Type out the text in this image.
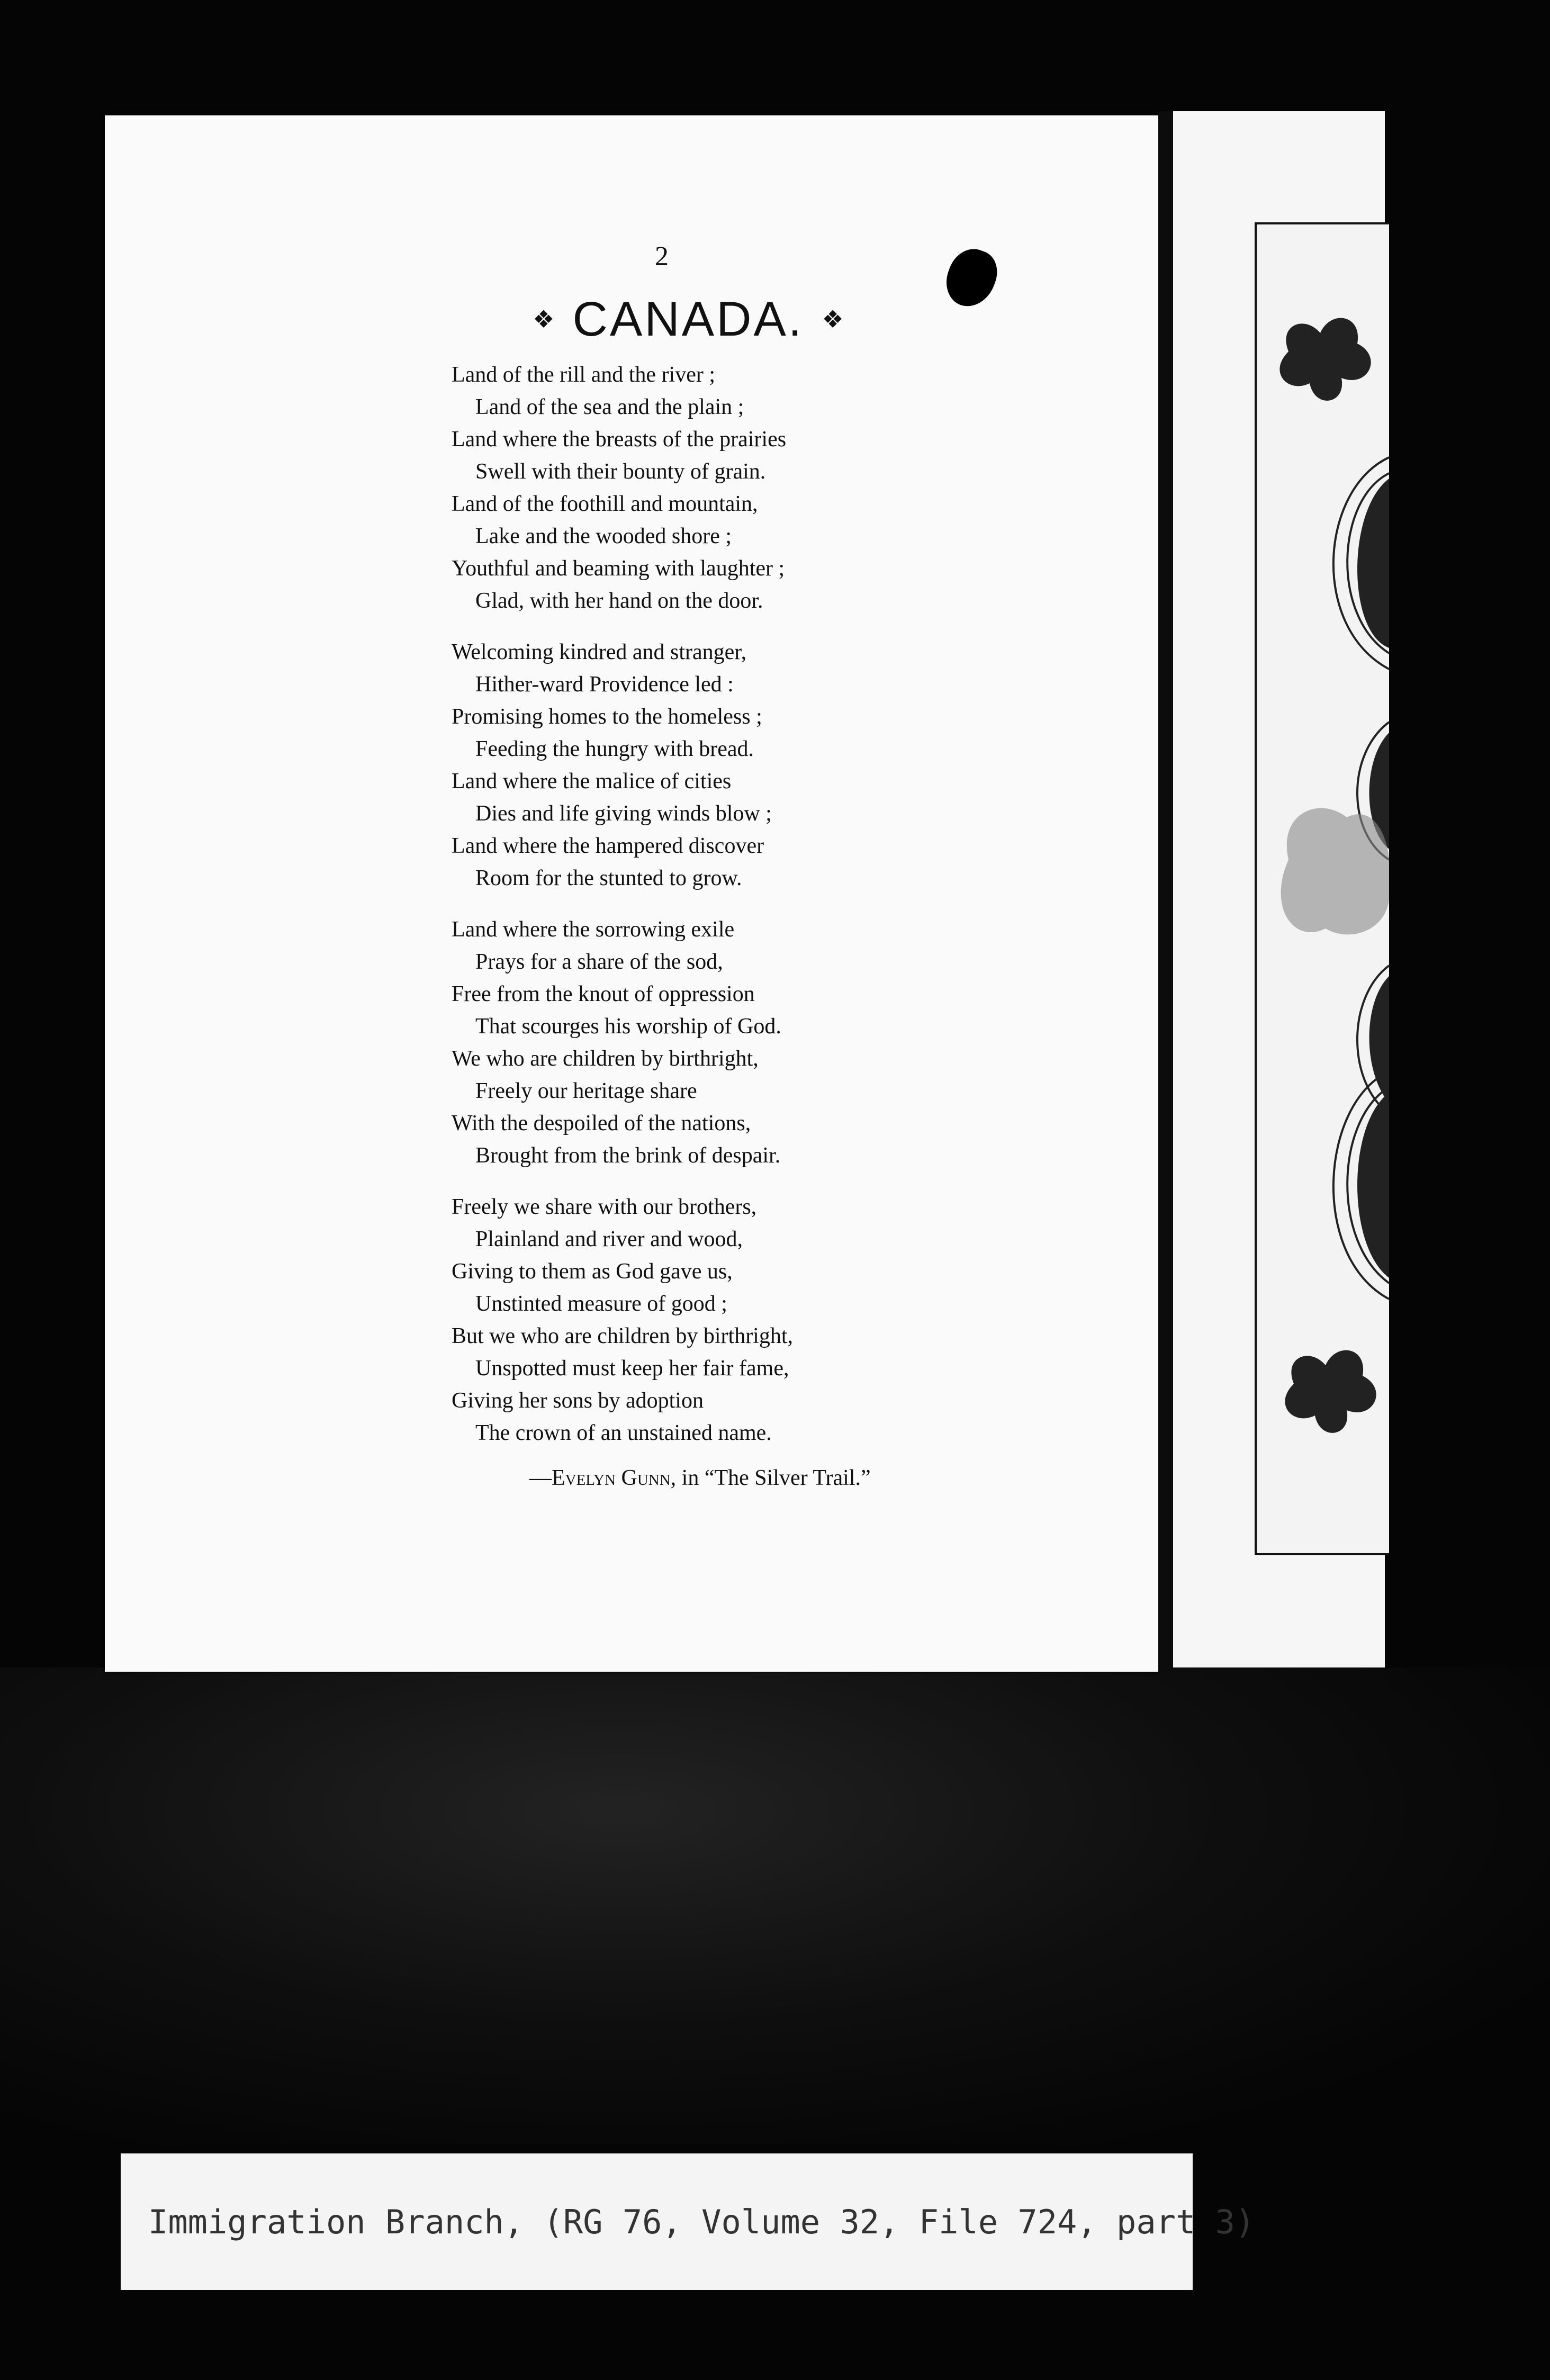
2
❖ CANADA. ❖
Land of the rill and the river ;
Land of the sea and the plain ;
Land where the breasts of the prairies
Swell with their bounty of grain.
Land of the foothill and mountain,
Lake and the wooded shore ;
Youthful and beaming with laughter ;
Glad, with her hand on the door.
Welcoming kindred and stranger,
Hither-ward Providence led :
Promising homes to the homeless ;
Feeding the hungry with bread.
Land where the malice of cities
Dies and life giving winds blow ;
Land where the hampered discover
Room for the stunted to grow.
Land where the sorrowing exile
Prays for a share of the sod,
Free from the knout of oppression
That scourges his worship of God.
We who are children by birthright,
Freely our heritage share
With the despoiled of the nations,
Brought from the brink of despair.
Freely we share with our brothers,
Plainland and river and wood,
Giving to them as God gave us,
Unstinted measure of good ;
But we who are children by birthright,
Unspotted must keep her fair fame,
Giving her sons by adoption
The crown of an unstained name.
—Evelyn Gunn, in “The Silver Trail.”
Immigration Branch, (RG 76, Volume 32, File 724, part 3)
